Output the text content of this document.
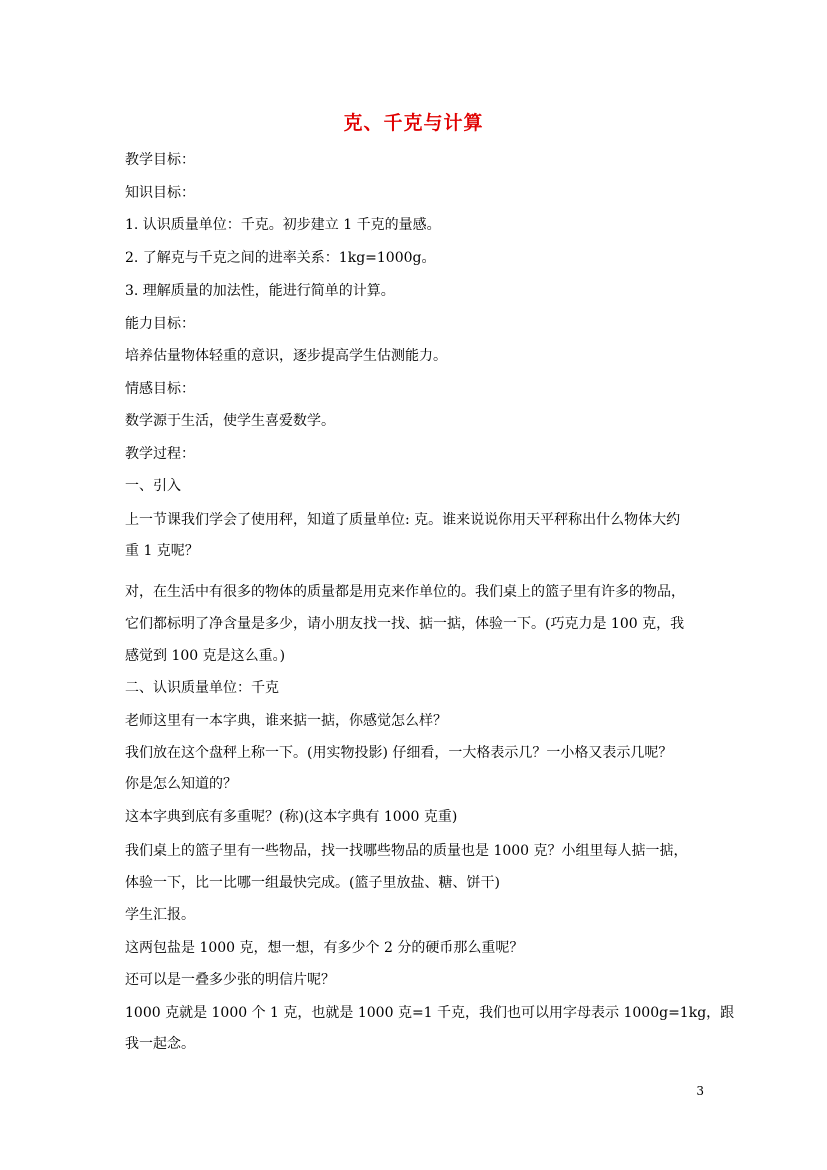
克、千克与计算

教学目标：

知识目标：

1. 认识质量单位：千克。初步建立 1 千克的量感。

2. 了解克与千克之间的进率关系：1kg=1000g。

3. 理解质量的加法性，能进行简单的计算。

能力目标：

培养估量物体轻重的意识，逐步提高学生估测能力。

情感目标：

数学源于生活，使学生喜爱数学。

教学过程：

一、引入

上一节课我们学会了使用秤，知道了质量单位: 克。谁来说说你用天平秤称出什么物体大约

重 1 克呢？

对，在生活中有很多的物体的质量都是用克来作单位的。我们桌上的篮子里有许多的物品，

它们都标明了净含量是多少，请小朋友找一找、掂一掂，体验一下。(巧克力是 100 克，我

感觉到 100 克是这么重。)

二、认识质量单位：千克

老师这里有一本字典，谁来掂一掂，你感觉怎么样？

我们放在这个盘秤上称一下。(用实物投影) 仔细看，一大格表示几？一小格又表示几呢？

你是怎么知道的？

这本字典到底有多重呢？(称)(这本字典有 1000 克重)

我们桌上的篮子里有一些物品，找一找哪些物品的质量也是 1000 克？小组里每人掂一掂，

体验一下，比一比哪一组最快完成。(篮子里放盐、糖、饼干)

学生汇报。

这两包盐是 1000 克，想一想，有多少个 2 分的硬币那么重呢？

还可以是一叠多少张的明信片呢？

1000 克就是 1000 个 1 克，也就是 1000 克=1 千克，我们也可以用字母表示 1000g=1kg，跟

我一起念。

3
